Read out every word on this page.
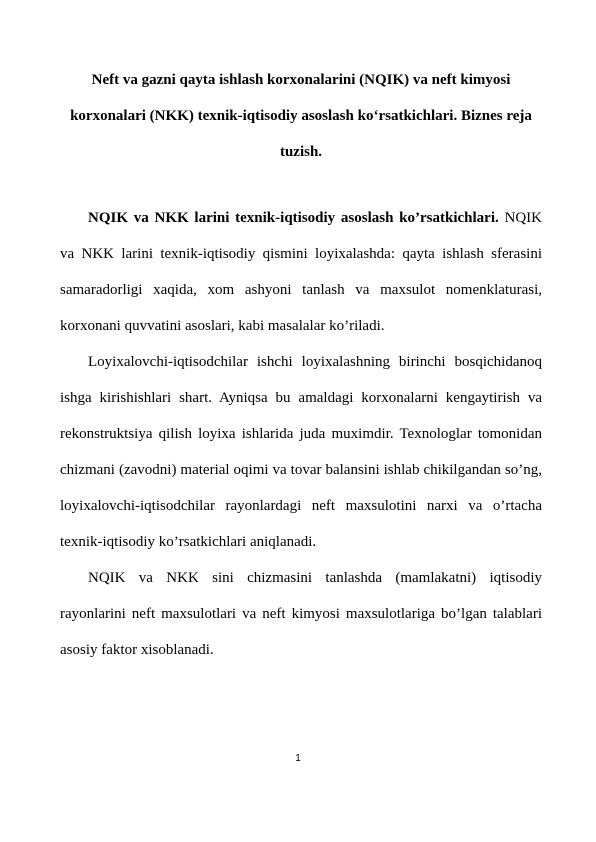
Neft va gazni qayta ishlash korxonalarini (NQIK) va neft kimyosi korxonalari (NKK) texnik-iqtisodiy asoslash ko‘rsatkichlari. Biznes reja tuzish.

NQIK va NKK larini texnik-iqtisodiy asoslash ko’rsatkichlari. NQIK va NKK larini texnik-iqtisodiy qismini loyixalashda: qayta ishlash sferasini samaradorligi xaqida, xom ashyoni tanlash va maxsulot nomenklaturasi, korxonani quvvatini asoslari, kabi masalalar ko’riladi.

Loyixalovchi-iqtisodchilar ishchi loyixalashning birinchi bosqichidanoq ishga kirishishlari shart. Ayniqsa bu amaldagi korxonalarni kengaytirish va rekonstruktsiya qilish loyixa ishlarida juda muximdir. Texnologlar tomonidan chizmani (zavodni) material oqimi va tovar balansini ishlab chikilgandan so’ng, loyixalovchi-iqtisodchilar rayonlardagi neft maxsulotini narxi va o’rtacha texnik-iqtisodiy ko’rsatkichlari aniqlanadi.

NQIK va NKK sini chizmasini tanlashda (mamlakatni) iqtisodiy rayonlarini neft maxsulotlari va neft kimyosi maxsulotlariga bo’lgan talablari asosiy faktor xisoblanadi.

1
